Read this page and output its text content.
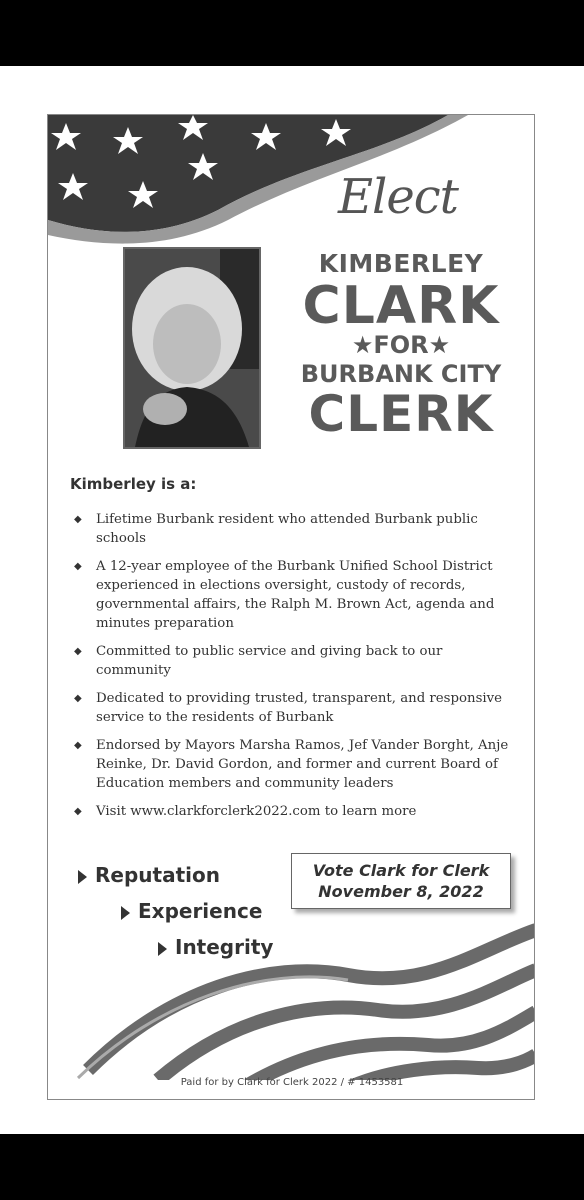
Elect
KIMBERLEY
CLARK
★FOR★
BURBANK CITY
CLERK
Kimberley is a:
◆ Lifetime Burbank resident who attended Burbank public schools
◆ A 12-year employee of the Burbank Unified School District experienced in elections oversight, custody of records, governmental affairs, the Ralph M. Brown Act, agenda and minutes preparation
◆ Committed to public service and giving back to our community
◆ Dedicated to providing trusted, transparent, and responsive service to the residents of Burbank
◆ Endorsed by Mayors Marsha Ramos, Jef Vander Borght, Anje Reinke, Dr. David Gordon, and former and current Board of Education members and community leaders
◆ Visit www.clarkforclerk2022.com to learn more
Reputation
Experience
Integrity
Vote Clark for Clerk
November 8, 2022
Paid for by Clark for Clerk 2022 / # 1453581
